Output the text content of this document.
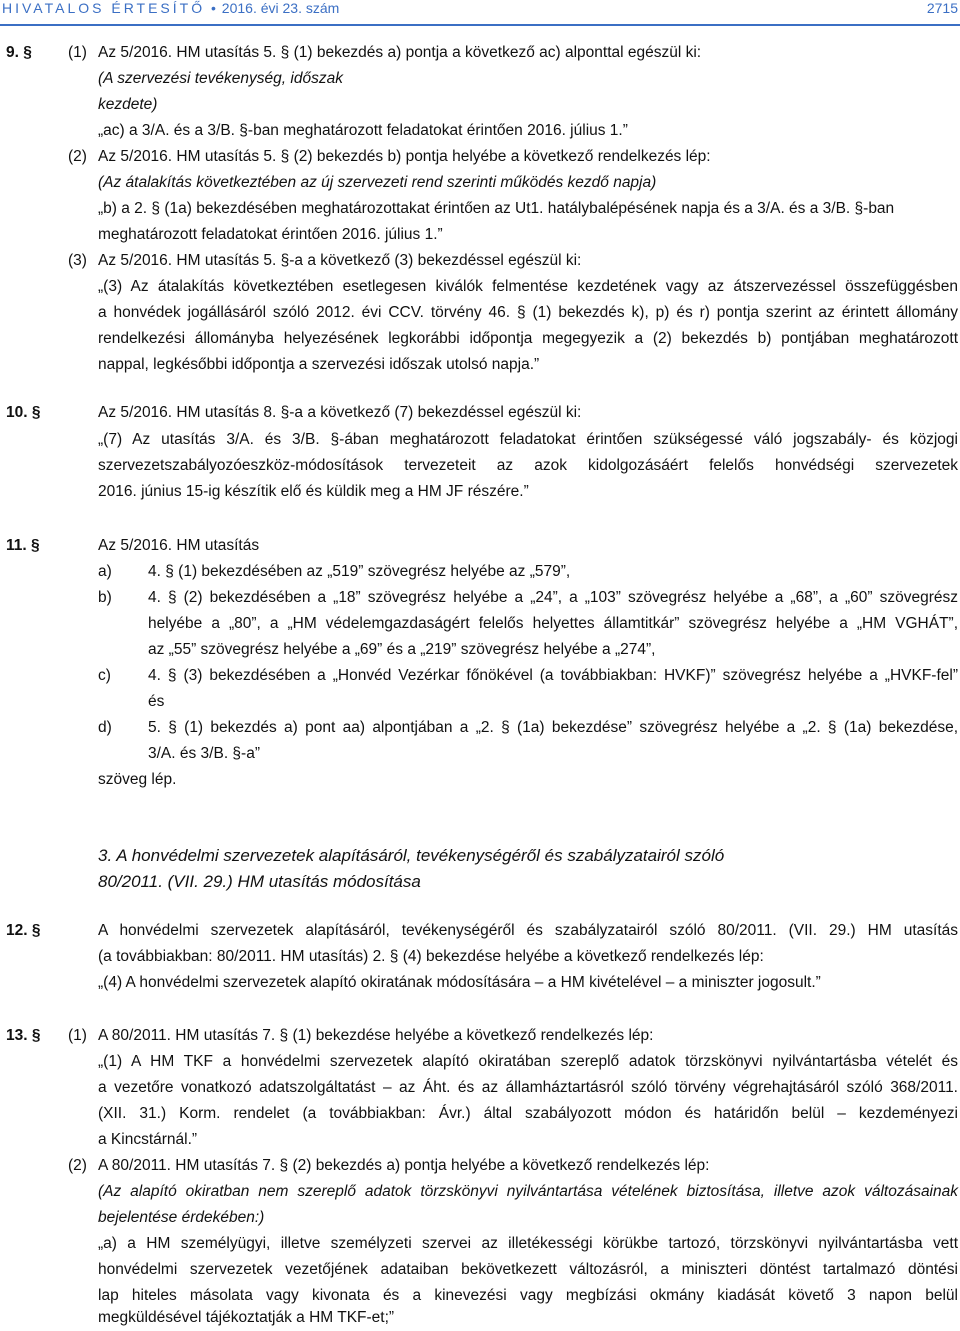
HIVATALOS ÉRTESÍTŐ • 2016. évi 23. szám	2715
9. § (1) Az 5/2016. HM utasítás 5. § (1) bekezdés a) pontja a következő ac) alponttal egészül ki:
(A szervezési tevékenység, időszak
kezdete)
„ac) a 3/A. és a 3/B. §-ban meghatározott feladatokat érintően 2016. július 1.”
(2) Az 5/2016. HM utasítás 5. § (2) bekezdés b) pontja helyébe a következő rendelkezés lép:
(Az átalakítás következtében az új szervezeti rend szerinti működés kezdő napja)
„b) a 2. § (1a) bekezdésében meghatározottakat érintően az Ut1. hatálybalépésének napja és a 3/A. és a 3/B. §-ban
meghatározott feladatokat érintően 2016. július 1.”
(3) Az 5/2016. HM utasítás 5. §-a a következő (3) bekezdéssel egészül ki:
„(3) Az átalakítás következtében esetlegesen kiválók felmentése kezdetének vagy az átszervezéssel összefüggésben
a honvédek jogállásáról szóló 2012. évi CCV. törvény 46. § (1) bekezdés k), p) és r) pontja szerint az érintett állomány
rendelkezési állományba helyezésének legkorábbi időpontja megegyezik a (2) bekezdés b) pontjában meghatározott
nappal, legkésőbbi időpontja a szervezési időszak utolsó napja.”
10. §	Az 5/2016. HM utasítás 8. §-a a következő (7) bekezdéssel egészül ki:
„(7) Az utasítás 3/A. és 3/B. §-ában meghatározott feladatokat érintően szükségessé váló jogszabály- és közjogi
szervezetszabályozóeszköz-módosítások tervezeteit az azok kidolgozásáért felelős honvédségi szervezetek
2016. június 15-ig készítik elő és küldik meg a HM JF részére.”
11. §	Az 5/2016. HM utasítás
a) 4. § (1) bekezdésében az „519” szövegrész helyébe az „579”,
b) 4. § (2) bekezdésében a „18” szövegrész helyébe a „24”, a „103” szövegrész helyébe a „68”, a „60” szövegrész
helyébe a „80”, a „HM védelemgazdaságért felelős helyettes államtitkár” szövegrész helyébe a „HM VGHÁT”,
az „55” szövegrész helyébe a „69” és a „219” szövegrész helyébe a „274”,
c) 4. § (3) bekezdésében a „Honvéd Vezérkar főnökével (a továbbiakban: HVKF)” szövegrész helyébe a „HVKF-fel”
és
d) 5. § (1) bekezdés a) pont aa) alpontjában a „2. § (1a) bekezdése” szövegrész helyébe a „2. § (1a) bekezdése,
3/A. és 3/B. §-a”
szöveg lép.
3. A honvédelmi szervezetek alapításáról, tevékenységéről és szabályzatairól szóló
80/2011. (VII. 29.) HM utasítás módosítása
12. §	A honvédelmi szervezetek alapításáról, tevékenységéről és szabályzatairól szóló 80/2011. (VII. 29.) HM utasítás
(a továbbiakban: 80/2011. HM utasítás) 2. § (4) bekezdése helyébe a következő rendelkezés lép:
„(4) A honvédelmi szervezetek alapító okiratának módosítására – a HM kivételével – a miniszter jogosult.”
13. § (1) A 80/2011. HM utasítás 7. § (1) bekezdése helyébe a következő rendelkezés lép:
„(1) A HM TKF a honvédelmi szervezetek alapító okiratában szereplő adatok törzskönyvi nyilvántartásba vételét és
a vezetőre vonatkozó adatszolgáltatást – az Áht. és az államháztartásról szóló törvény végrehajtásáról szóló 368/2011.
(XII. 31.) Korm. rendelet (a továbbiakban: Ávr.) által szabályozott módon és határidőn belül – kezdeményezi
a Kincstárnál.”
(2) A 80/2011. HM utasítás 7. § (2) bekezdés a) pontja helyébe a következő rendelkezés lép:
(Az alapító okiratban nem szereplő adatok törzskönyvi nyilvántartása vételének biztosítása, illetve azok változásainak
bejelentése érdekében:)
„a) a HM személyügyi, illetve személyzeti szervei az illetékességi körükbe tartozó, törzskönyvi nyilvántartásba vett
honvédelmi szervezetek vezetőjének adataiban bekövetkezett változásról, a miniszteri döntést tartalmazó döntési
lap hiteles másolata vagy kivonata és a kinevezési vagy megbízási okmány kiadását követő 3 napon belül
megküldésével tájékoztatják a HM TKF-et;”
